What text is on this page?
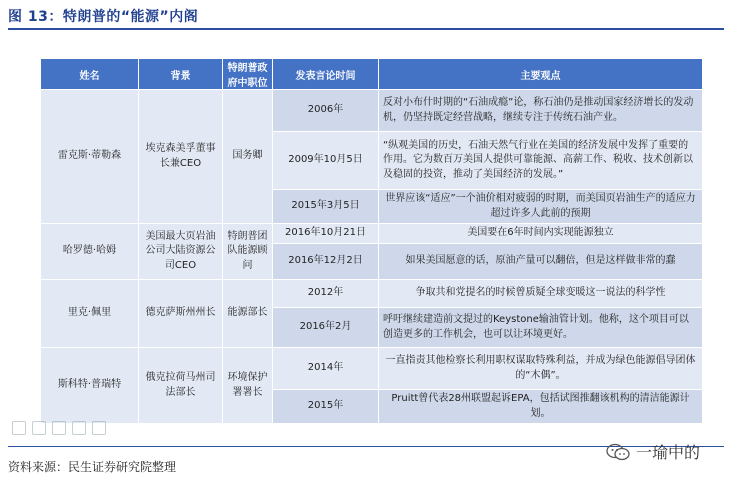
图 13：特朗普的“能源”内阁
姓名	背景	特朗普政府中职位	发表言论时间	主要观点
雷克斯·蒂勒森	埃克森美孚董事长兼CEO	国务卿	2006年	反对小布什时期的“石油成瘾”论，称石油仍是推动国家经济增长的发动机，仍坚持既定经营战略，继续专注于传统石油产业。
			2009年10月5日	“纵观美国的历史，石油天然气行业在美国的经济发展中发挥了重要的作用。它为数百万美国人提供可靠能源、高薪工作、税收、技术创新以及稳固的投资，推动了美国经济的发展。”
			2015年3月5日	世界应该“适应”一个油价相对疲弱的时期，而美国页岩油生产的适应力超过许多人此前的预期
哈罗德·哈姆	美国最大页岩油公司大陆资源公司CEO	特朗普团队能源顾问	2016年10月21日	美国要在6年时间内实现能源独立
			2016年12月2日	如果美国愿意的话，原油产量可以翻倍，但是这样做非常的蠢
里克·佩里	德克萨斯州州长	能源部长	2012年	争取共和党提名的时候曾质疑全球变暖这一说法的科学性
			2016年2月	呼吁继续建造前文提过的Keystone输油管计划。他称，这个项目可以创造更多的工作机会，也可以让环境更好。
斯科特·普瑞特	俄克拉荷马州司法部长	环境保护署署长	2014年	一直指责其他检察长利用职权谋取特殊利益，并成为绿色能源倡导团体的“木偶”。
			2015年	Pruitt曾代表28州联盟起诉EPA，包括试图推翻该机构的清洁能源计划。
资料来源：民生证券研究院整理
一瑜中的
